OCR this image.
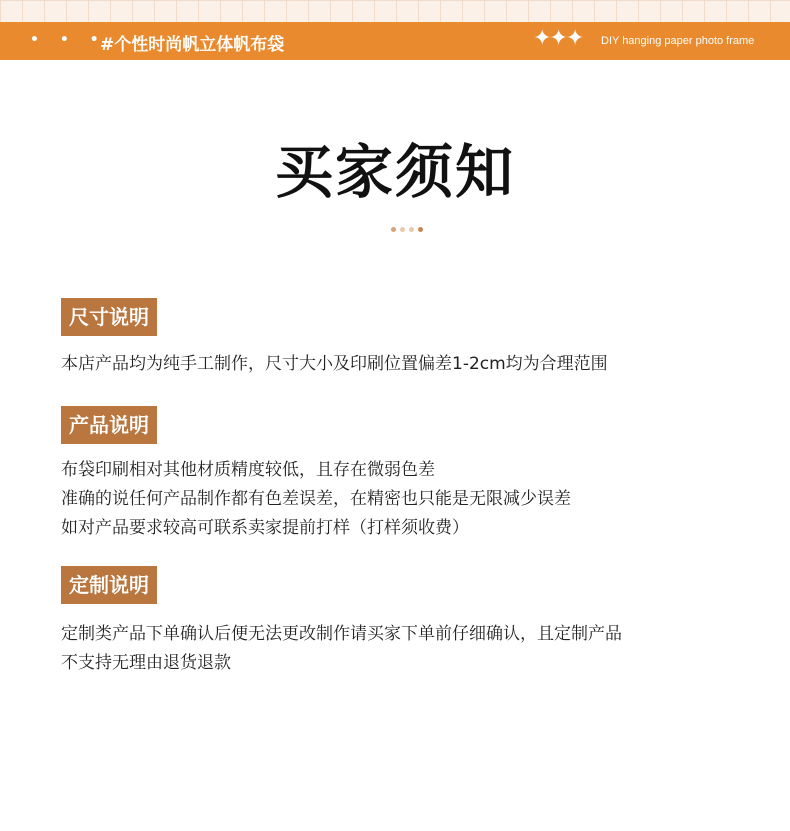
• • •
#个性时尚帆立体帆布袋	✦✦✦ DIY hanging paper photo frame
买家须知
尺寸说明
本店产品均为纯手工制作，尺寸大小及印刷位置偏差1-2cm均为合理范围
产品说明
布袋印刷相对其他材质精度较低，且存在微弱色差
准确的说任何产品制作都有色差误差，在精密也只能是无限减少误差
如对产品要求较高可联系卖家提前打样（打样须收费）
定制说明
定制类产品下单确认后便无法更改制作请买家下单前仔细确认，且定制产品
不支持无理由退货退款
